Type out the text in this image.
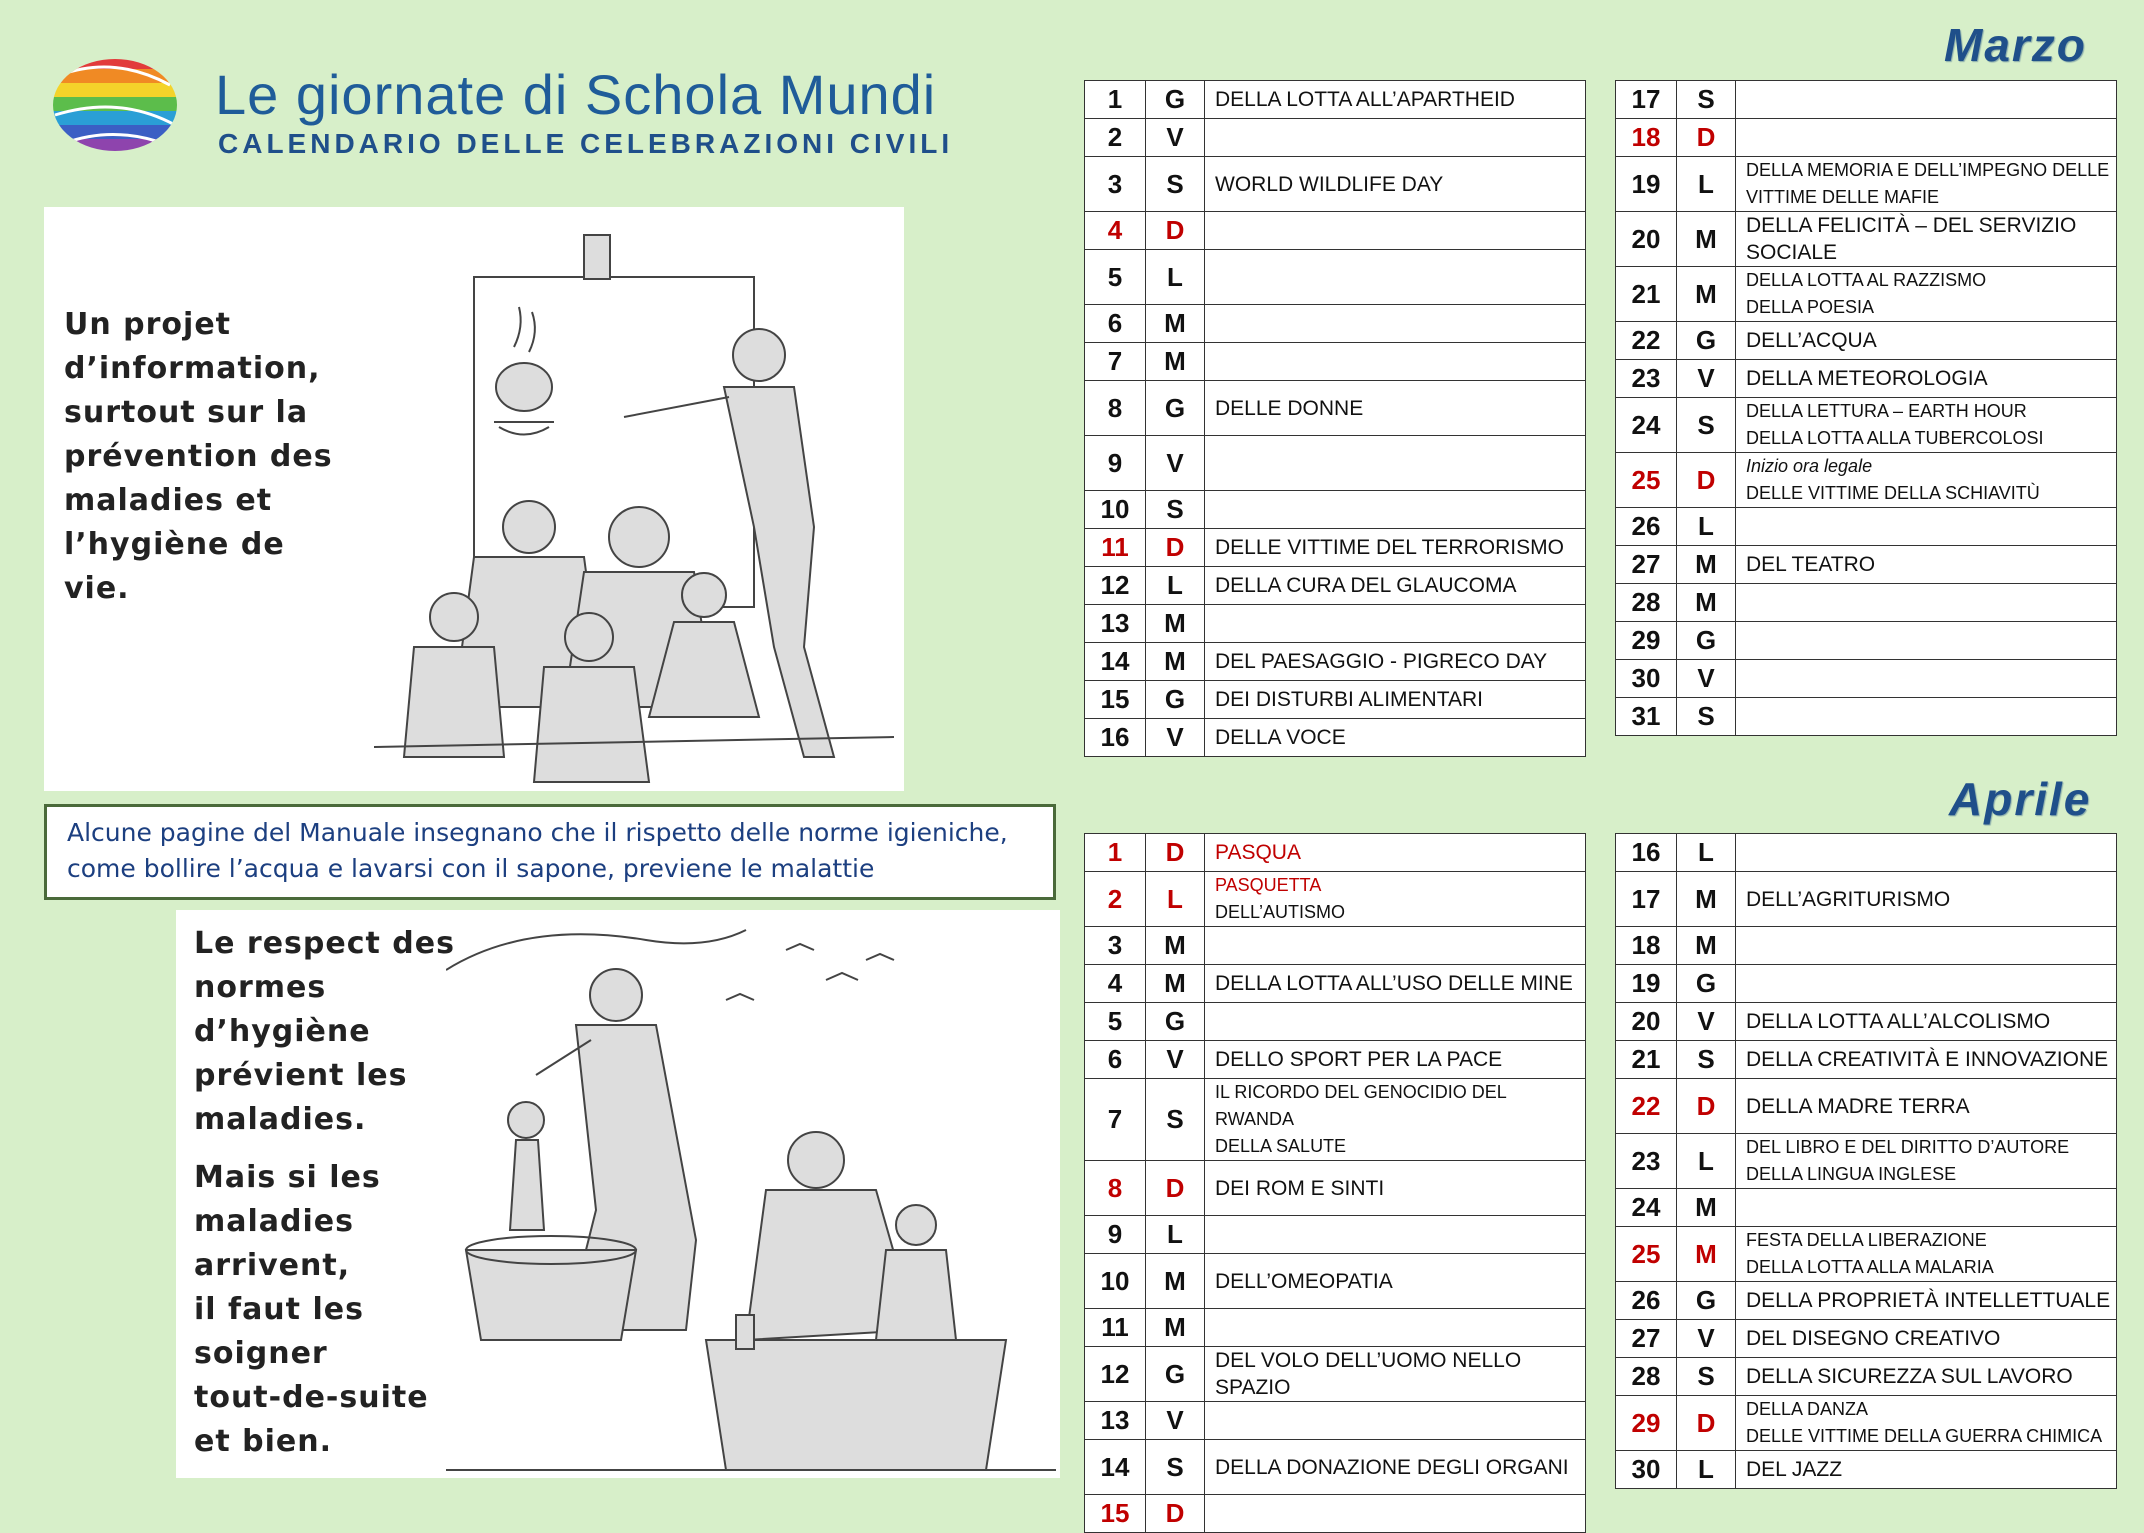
Le giornate di Schola Mundi
CALENDARIO DELLE CELEBRAZIONI CIVILI
Un projet
d’information,
surtout sur la
prévention des
maladies et
l’hygiène de
vie.
Alcune pagine del Manuale insegnano che il rispetto delle norme igieniche,
come bollire l’acqua e lavarsi con il sapone, previene le malattie
Le respect des
normes
d’hygiène
prévient les
maladies.
Mais si les
maladies
arrivent,
il faut les
soigner
tout-de-suite
et bien.
Marzo
Aprile
1	G	DELLA LOTTA ALL’APARTHEID

2	V	
3	S	WORLD WILDLIFE DAY

4	D	
5	L	
6	M	
7	M	
8	G	DELLE DONNE

9	V	
10	S	
11	D	DELLE VITTIME DEL TERRORISMO

12	L	DELLA CURA DEL GLAUCOMA

13	M	
14	M	DEL PAESAGGIO - PIGRECO DAY

15	G	DEI DISTURBI ALIMENTARI

16	V	DELLA VOCE
17	S	
18	D	
19	L	DELLA MEMORIA E DELL’IMPEGNO DELLE
VITTIME DELLE MAFIE

20	M	DELLA FELICITÀ – DEL SERVIZIO SOCIALE

21	M	DELLA LOTTA AL RAZZISMO
DELLA POESIA

22	G	DELL’ACQUA

23	V	DELLA METEOROLOGIA

24	S	DELLA LETTURA – EARTH HOUR
DELLA LOTTA ALLA TUBERCOLOSI

25	D	Inizio ora legale
DELLE VITTIME DELLA SCHIAVITÙ

26	L	
27	M	DEL TEATRO

28	M	
29	G	
30	V	
31	S	
1	D	PASQUA

2	L	PASQUETTA
DELL’AUTISMO

3	M	
4	M	DELLA LOTTA ALL’USO DELLE MINE

5	G	
6	V	DELLO SPORT PER LA PACE

7	S	IL RICORDO DEL GENOCIDIO DEL RWANDA
DELLA SALUTE

8	D	DEI ROM E SINTI

9	L	
10	M	DELL’OMEOPATIA

11	M	
12	G	DEL VOLO DELL’UOMO NELLO SPAZIO

13	V	
14	S	DELLA DONAZIONE DEGLI ORGANI

15	D	
16	L	
17	M	DELL’AGRITURISMO

18	M	
19	G	
20	V	DELLA LOTTA ALL’ALCOLISMO

21	S	DELLA CREATIVITÀ E INNOVAZIONE

22	D	DELLA MADRE TERRA

23	L	DEL LIBRO E DEL DIRITTO D’AUTORE
DELLA LINGUA INGLESE

24	M	
25	M	FESTA DELLA LIBERAZIONE
DELLA LOTTA ALLA MALARIA

26	G	DELLA PROPRIETÀ INTELLETTUALE

27	V	DEL DISEGNO CREATIVO

28	S	DELLA SICUREZZA SUL LAVORO

29	D	DELLA DANZA
DELLE VITTIME DELLA GUERRA CHIMICA

30	L	DEL JAZZ
